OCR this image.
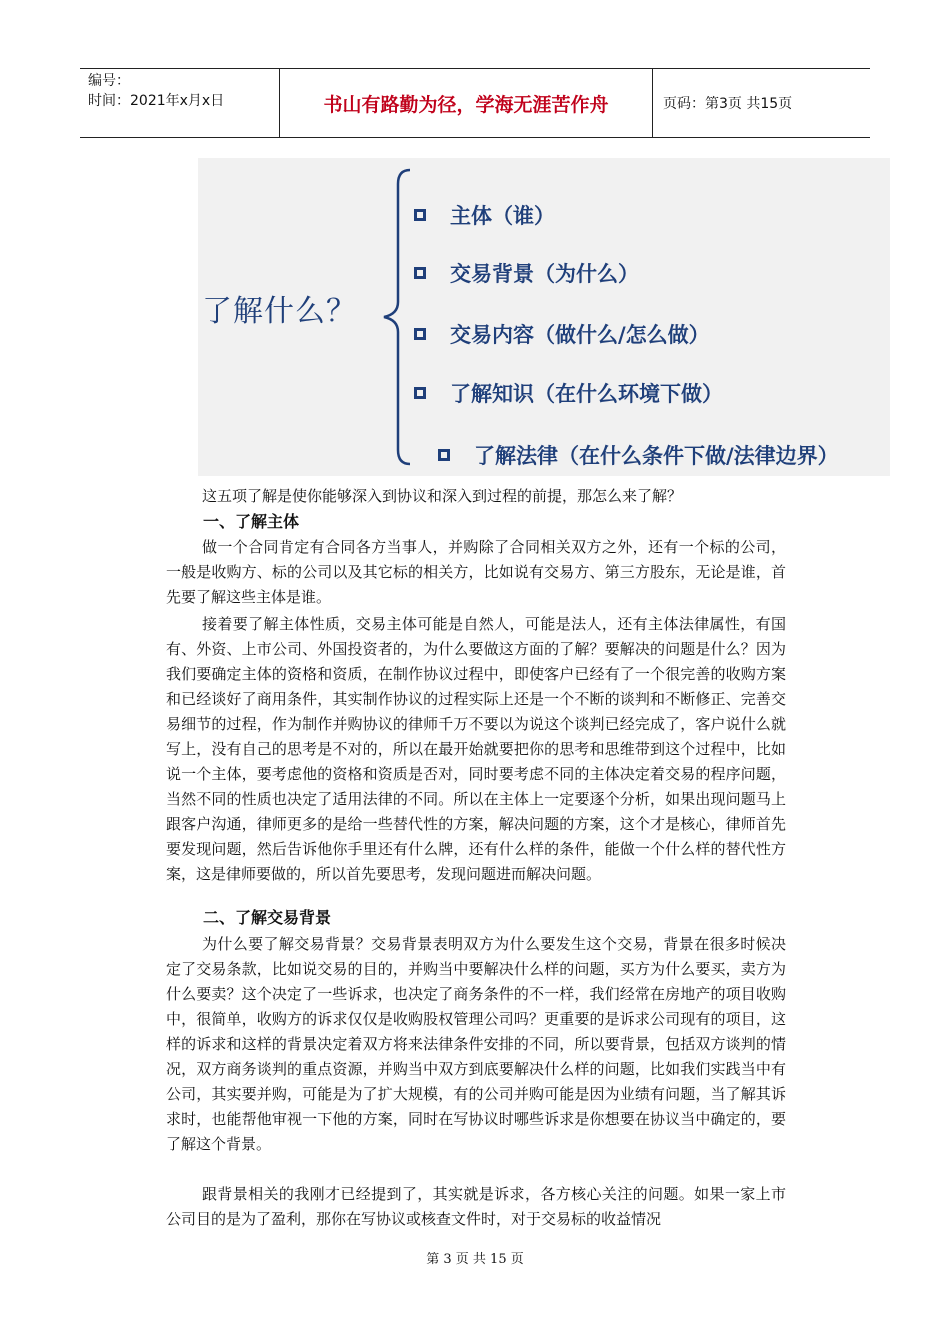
编号：
时间：2021年x月x日	书山有路勤为径，学海无涯苦作舟	页码：第3页 共15页
了解什么？
主体（谁）
交易背景（为什么）
交易内容（做什么/怎么做）
了解知识（在什么环境下做）
了解法律（在什么条件下做/法律边界）
这五项了解是使你能够深入到协议和深入到过程的前提，那怎么来了解？
一、了解主体
做一个合同肯定有合同各方当事人，并购除了合同相关双方之外，还有一个标的公司，一般是收购方、标的公司以及其它标的相关方，比如说有交易方、第三方股东，无论是谁，首先要了解这些主体是谁。
接着要了解主体性质，交易主体可能是自然人，可能是法人，还有主体法律属性，有国有、外资、上市公司、外国投资者的，为什么要做这方面的了解？要解决的问题是什么？因为我们要确定主体的资格和资质，在制作协议过程中，即使客户已经有了一个很完善的收购方案和已经谈好了商用条件，其实制作协议的过程实际上还是一个不断的谈判和不断修正、完善交易细节的过程，作为制作并购协议的律师千万不要以为说这个谈判已经完成了，客户说什么就写上，没有自己的思考是不对的，所以在最开始就要把你的思考和思维带到这个过程中，比如说一个主体，要考虑他的资格和资质是否对，同时要考虑不同的主体决定着交易的程序问题，当然不同的性质也决定了适用法律的不同。所以在主体上一定要逐个分析，如果出现问题马上跟客户沟通，律师更多的是给一些替代性的方案，解决问题的方案，这个才是核心，律师首先要发现问题，然后告诉他你手里还有什么牌，还有什么样的条件，能做一个什么样的替代性方案，这是律师要做的，所以首先要思考，发现问题进而解决问题。
二、了解交易背景
为什么要了解交易背景？交易背景表明双方为什么要发生这个交易，背景在很多时候决定了交易条款，比如说交易的目的，并购当中要解决什么样的问题，买方为什么要买，卖方为什么要卖？这个决定了一些诉求，也决定了商务条件的不一样，我们经常在房地产的项目收购中，很简单，收购方的诉求仅仅是收购股权管理公司吗？更重要的是诉求公司现有的项目，这样的诉求和这样的背景决定着双方将来法律条件安排的不同，所以要背景，包括双方谈判的情况，双方商务谈判的重点资源，并购当中双方到底要解决什么样的问题，比如我们实践当中有公司，其实要并购，可能是为了扩大规模，有的公司并购可能是因为业绩有问题，当了解其诉求时，也能帮他审视一下他的方案，同时在写协议时哪些诉求是你想要在协议当中确定的，要了解这个背景。
跟背景相关的我刚才已经提到了，其实就是诉求，各方核心关注的问题。如果一家上市公司目的是为了盈利，那你在写协议或核查文件时，对于交易标的收益情况
第 3 页 共 15 页
